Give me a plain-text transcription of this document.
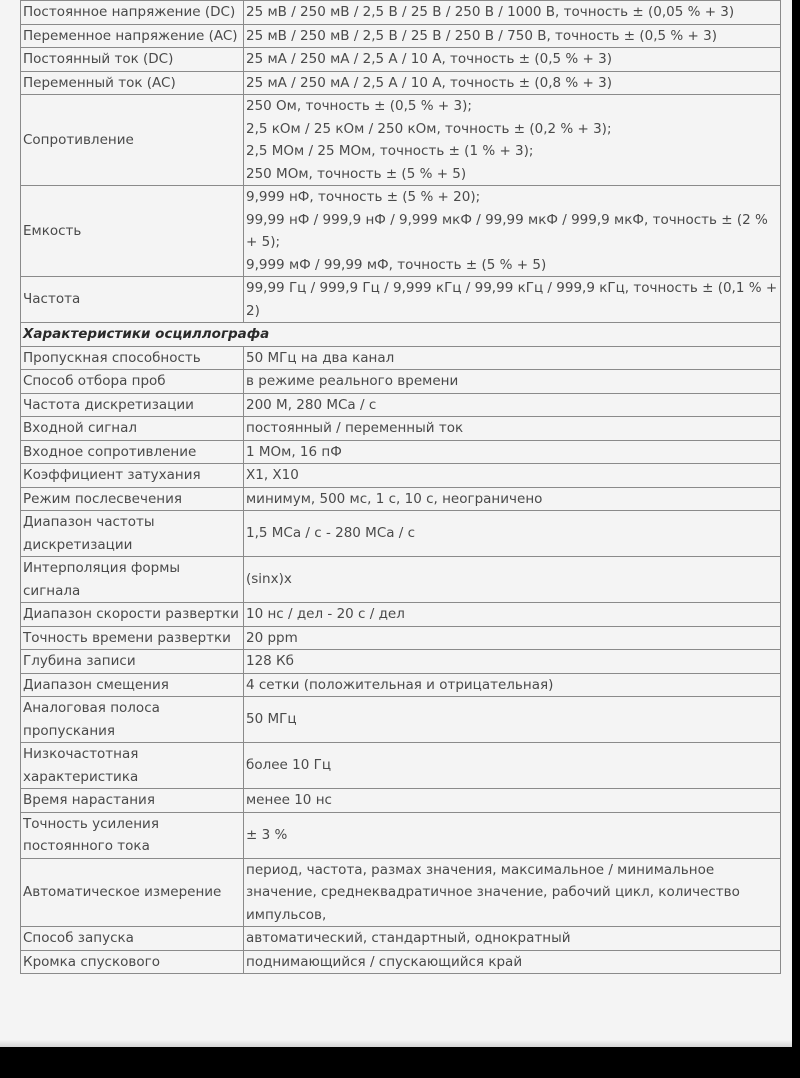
Постоянное напряжение (DC)	25 мВ / 250 мВ / 2,5 В / 25 В / 250 В / 1000 В, точность ± (0,05 % + 3)

Переменное напряжение (AC)	25 мВ / 250 мВ / 2,5 В / 25 В / 250 В / 750 В, точность ± (0,5 % + 3)

Постоянный ток (DC)	25 мА / 250 мА / 2,5 А / 10 А, точность ± (0,5 % + 3)

Переменный ток (AC)	25 мА / 250 мА / 2,5 А / 10 А, точность ± (0,8 % + 3)

Сопротивление	250 Ом, точность ± (0,5 % + 3);
2,5 кОм / 25 кОм / 250 кОм, точность ± (0,2 % + 3);
2,5 МОм / 25 МОм, точность ± (1 % + 3);
250 МОм, точность ± (5 % + 5)

Емкость	9,999 нФ, точность ± (5 % + 20);
99,99 нФ / 999,9 нФ / 9,999 мкФ / 99,99 мкФ / 999,9 мкФ, точность ± (2 % + 5);
9,999 мФ / 99,99 мФ, точность ± (5 % + 5)

Частота	99,99 Гц / 999,9 Гц / 9,999 кГц / 99,99 кГц / 999,9 кГц, точность ± (0,1 % + 2)

Характеристики осциллографа	
Пропускная способность	50 МГц на два канал

Способ отбора проб	в режиме реального времени

Частота дискретизации	200 М, 280 МСа / с

Входной сигнал	постоянный / переменный ток

Входное сопротивление	1 МОм, 16 пФ

Коэффициент затухания	Х1, Х10

Режим послесвечения	минимум, 500 мс, 1 с, 10 с, неограничено

Диапазон частоты дискретизации	1,5 МСа / с - 280 МСа / с

Интерполяция формы сигнала	(sinx)x

Диапазон скорости развертки	10 нс / дел - 20 с / дел

Точность времени развертки	20 ppm

Глубина записи	128 Кб

Диапазон смещения	4 сетки (положительная и отрицательная)

Аналоговая полоса пропускания	50 МГц

Низкочастотная характеристика	более 10 Гц

Время нарастания	менее 10 нс

Точность усиления постоянного тока	± 3 %

Автоматическое измерение	период, частота, размах значения, максимальное / минимальное значение, среднеквадратичное значение, рабочий цикл, количество импульсов,

Способ запуска	автоматический, стандартный, однократный

Кромка спускового	поднимающийся / спускающийся край
